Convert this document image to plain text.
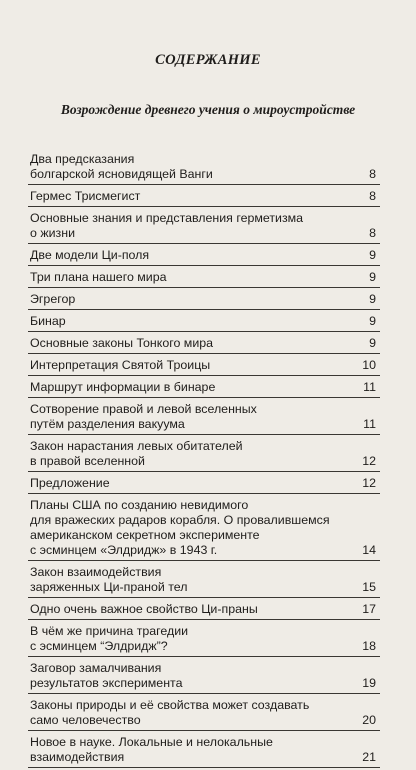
СОДЕРЖАНИЕ
Возрождение древнего учения о мироустройстве
Два предсказания
болгарской ясновидящей Ванги	8
Гермес Трисмегист	8
Основные знания и представления герметизма
о жизни	8
Две модели Ци-поля	9
Три плана нашего мира	9
Эгрегор	9
Бинар	9
Основные законы Тонкого мира	9
Интерпретация Святой Троицы	10
Маршрут информации в бинаре	11
Сотворение правой и левой вселенных
путём разделения вакуума	11
Закон нарастания левых обитателей
в правой вселенной	12
Предложение	12
Планы США по созданию невидимого
для вражеских радаров корабля. О провалившемся
американском секретном эксперименте
с эсминцем «Элдридж» в 1943 г.	14
Закон взаимодействия
заряженных Ци-праной тел	15
Одно очень важное свойство Ци-праны	17
В чём же причина трагедии
с эсминцем “Элдридж”?	18
Заговор замалчивания
результатов эксперимента	19
Законы природы и её свойства может создавать
само человечество	20
Новое в науке. Локальные и нелокальные
взаимодействия	21
